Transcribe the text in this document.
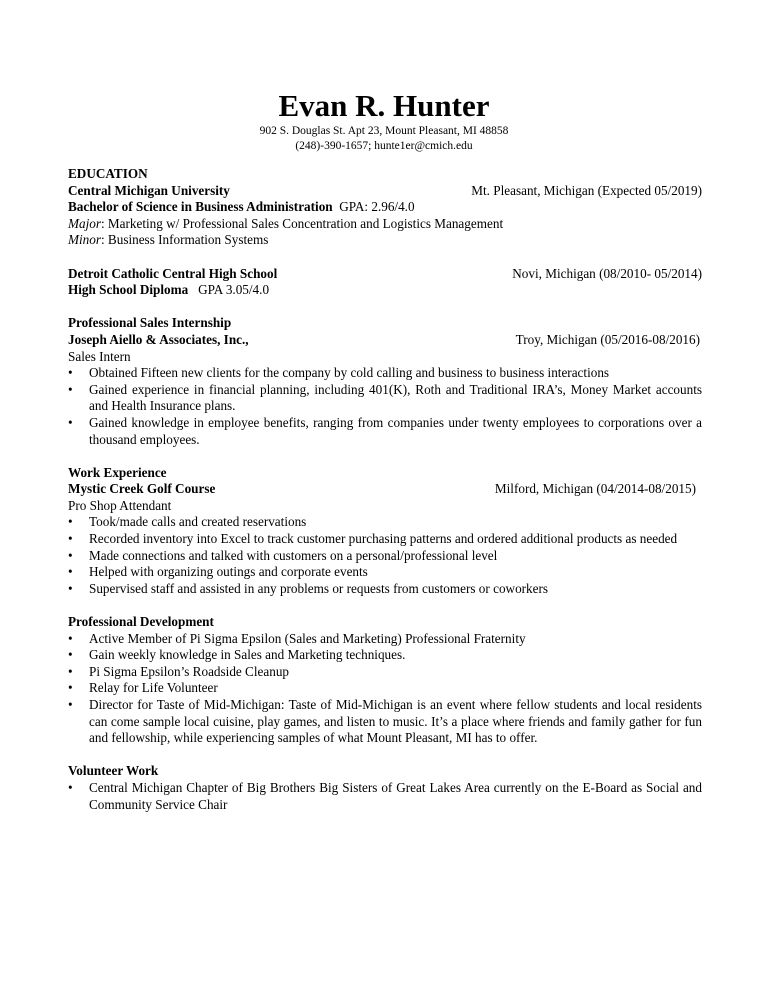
Evan R. Hunter
902 S. Douglas St. Apt 23, Mount Pleasant, MI 48858
(248)-390-1657; hunte1er@cmich.edu
EDUCATION
Central Michigan University	Mt. Pleasant, Michigan (Expected 05/2019)
Bachelor of Science in Business Administration GPA: 2.96/4.0
Major: Marketing w/ Professional Sales Concentration and Logistics Management
Minor: Business Information Systems
Detroit Catholic Central High School	Novi, Michigan (08/2010- 05/2014)
High School Diploma GPA 3.05/4.0
Professional Sales Internship
Joseph Aiello & Associates, Inc.,	Troy, Michigan (05/2016-08/2016)
Sales Intern
• Obtained Fifteen new clients for the company by cold calling and business to business interactions
• Gained experience in financial planning, including 401(K), Roth and Traditional IRA’s, Money Market accounts and Health Insurance plans.
• Gained knowledge in employee benefits, ranging from companies under twenty employees to corporations over a thousand employees.
Work Experience
Mystic Creek Golf Course	Milford, Michigan (04/2014-08/2015)
Pro Shop Attendant
• Took/made calls and created reservations
• Recorded inventory into Excel to track customer purchasing patterns and ordered additional products as needed
• Made connections and talked with customers on a personal/professional level
• Helped with organizing outings and corporate events
• Supervised staff and assisted in any problems or requests from customers or coworkers
Professional Development
• Active Member of Pi Sigma Epsilon (Sales and Marketing) Professional Fraternity
• Gain weekly knowledge in Sales and Marketing techniques.
• Pi Sigma Epsilon’s Roadside Cleanup
• Relay for Life Volunteer
• Director for Taste of Mid-Michigan: Taste of Mid-Michigan is an event where fellow students and local residents can come sample local cuisine, play games, and listen to music. It’s a place where friends and family gather for fun and fellowship, while experiencing samples of what Mount Pleasant, MI has to offer.
Volunteer Work
• Central Michigan Chapter of Big Brothers Big Sisters of Great Lakes Area currently on the E-Board as Social and Community Service Chair
